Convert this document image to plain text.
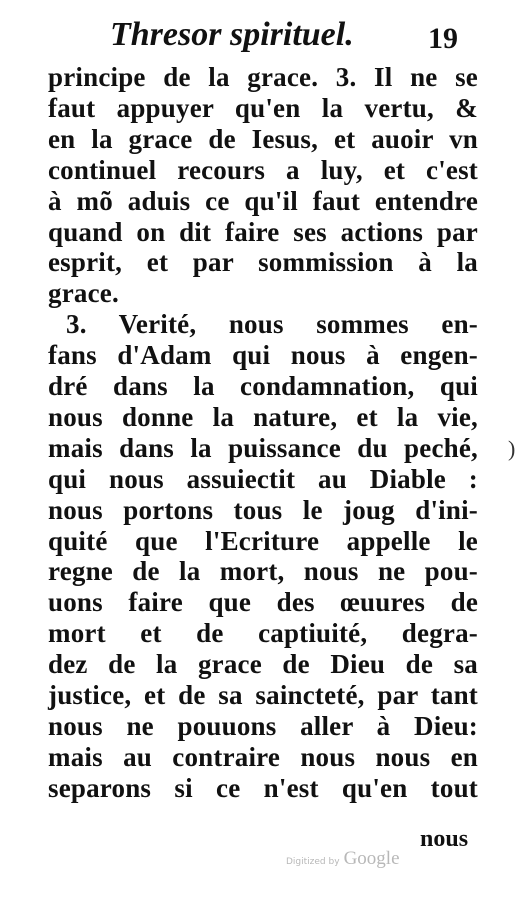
Thresor spirituel. 19
principe de la grace. 3. Il ne se
faut appuyer qu'en la vertu, &
en la grace de Iesus, et auoir vn
continuel recours a luy, et c'est
à mõ aduis ce qu'il faut entendre
quand on dit faire ses actions par
esprit, et par sommission à la
grace.
3. Verité, nous sommes en-
fans d'Adam qui nous à engen-
dré dans la condamnation, qui
nous donne la nature, et la vie,
mais dans la puissance du peché,
qui nous assuiectit au Diable :
nous portons tous le joug d'ini-
quité que l'Ecriture appelle le
regne de la mort, nous ne pou-
uons faire que des œuures de
mort et de captiuité, degra-
dez de la grace de Dieu de sa
justice, et de sa saincteté, par tant
nous ne pouuons aller à Dieu:
mais au contraire nous nous en
separons si ce n'est qu'en tout
)
nous
Digitized by Google
